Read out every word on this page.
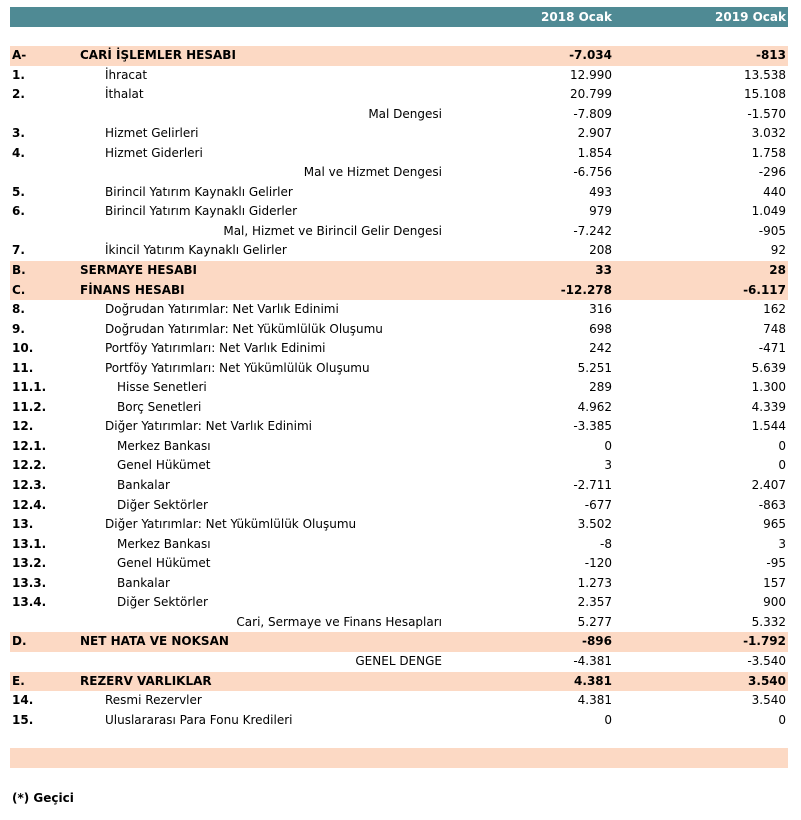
2018 Ocak	2019 Ocak
A-	CARİ İŞLEMLER HESABI	-7.034	-813
1.	İhracat	12.990	13.538
2.	İthalat	20.799	15.108
Mal Dengesi	-7.809	-1.570
3.	Hizmet Gelirleri	2.907	3.032
4.	Hizmet Giderleri	1.854	1.758
Mal ve Hizmet Dengesi	-6.756	-296
5.	Birincil Yatırım Kaynaklı Gelirler	493	440
6.	Birincil Yatırım Kaynaklı Giderler	979	1.049
Mal, Hizmet ve Birincil Gelir Dengesi	-7.242	-905
7.	İkincil Yatırım Kaynaklı Gelirler	208	92
B.	SERMAYE HESABI	33	28
C.	FİNANS HESABI	-12.278	-6.117
8.	Doğrudan Yatırımlar: Net Varlık Edinimi	316	162
9.	Doğrudan Yatırımlar: Net Yükümlülük Oluşumu	698	748
10.	Portföy Yatırımları: Net Varlık Edinimi	242	-471
11.	Portföy Yatırımları: Net Yükümlülük Oluşumu	5.251	5.639
11.1.	Hisse Senetleri	289	1.300
11.2.	Borç Senetleri	4.962	4.339
12.	Diğer Yatırımlar: Net Varlık Edinimi	-3.385	1.544
12.1.	Merkez Bankası	0	0
12.2.	Genel Hükümet	3	0
12.3.	Bankalar	-2.711	2.407
12.4.	Diğer Sektörler	-677	-863
13.	Diğer Yatırımlar: Net Yükümlülük Oluşumu	3.502	965
13.1.	Merkez Bankası	-8	3
13.2.	Genel Hükümet	-120	-95
13.3.	Bankalar	1.273	157
13.4.	Diğer Sektörler	2.357	900
Cari, Sermaye ve Finans Hesapları	5.277	5.332
D.	NET HATA VE NOKSAN	-896	-1.792
GENEL DENGE	-4.381	-3.540
E.	REZERV VARLIKLAR	4.381	3.540
14.	Resmi Rezervler	4.381	3.540
15.	Uluslararası Para Fonu Kredileri	0	0
(*) Geçici
